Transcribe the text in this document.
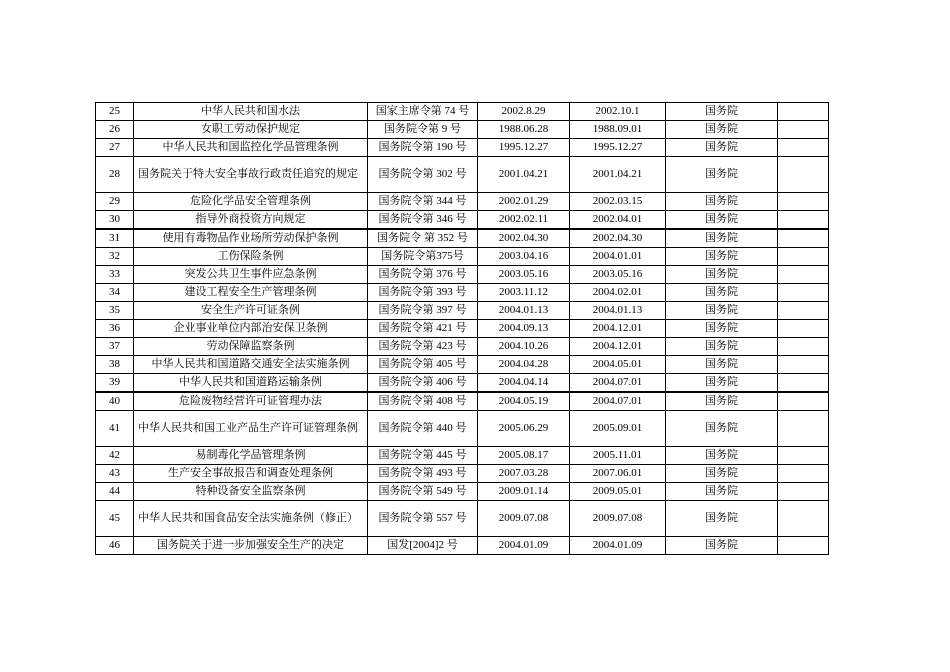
25	中华人民共和国水法	国家主席令第 74 号	2002.8.29	2002.10.1	国务院	
26	女职工劳动保护规定	国务院令第 9 号	1988.06.28	1988.09.01	国务院	
27	中华人民共和国监控化学品管理条例	国务院令第 190 号	1995.12.27	1995.12.27	国务院	
28	国务院关于特大安全事故行政责任追究的规定	国务院令第 302 号	2001.04.21	2001.04.21	国务院	
29	危险化学品安全管理条例	国务院令第 344 号	2002.01.29	2002.03.15	国务院	
30	指导外商投资方向规定	国务院令第 346 号	2002.02.11	2002.04.01	国务院	
31	使用有毒物品作业场所劳动保护条例	国务院令 第 352 号	2002.04.30	2002.04.30	国务院	
32	工伤保险条例	国务院令第375号	2003.04.16	2004.01.01	国务院	
33	突发公共卫生事件应急条例	国务院令第 376 号	2003.05.16	2003.05.16	国务院	
34	建设工程安全生产管理条例	国务院令第 393 号	2003.11.12	2004.02.01	国务院	
35	安全生产许可证条例	国务院令第 397 号	2004.01.13	2004.01.13	国务院	
36	企业事业单位内部治安保卫条例	国务院令第 421 号	2004.09.13	2004.12.01	国务院	
37	劳动保障监察条例	国务院令第 423 号	2004.10.26	2004.12.01	国务院	
38	中华人民共和国道路交通安全法实施条例	国务院令第 405 号	2004.04.28	2004.05.01	国务院	
39	中华人民共和国道路运输条例	国务院令第 406 号	2004.04.14	2004.07.01	国务院	
40	危险废物经营许可证管理办法	国务院令第 408 号	2004.05.19	2004.07.01	国务院	
41	中华人民共和国工业产品生产许可证管理条例	国务院令第 440 号	2005.06.29	2005.09.01	国务院	
42	易制毒化学品管理条例	国务院令第 445 号	2005.08.17	2005.11.01	国务院	
43	生产安全事故报告和调查处理条例	国务院令第 493 号	2007.03.28	2007.06.01	国务院	
44	特种设备安全监察条例	国务院令第 549 号	2009.01.14	2009.05.01	国务院	
45	中华人民共和国食品安全法实施条例（修正）	国务院令第 557 号	2009.07.08	2009.07.08	国务院	
46	国务院关于进一步加强安全生产的决定	国发[2004]2 号	2004.01.09	2004.01.09	国务院	
